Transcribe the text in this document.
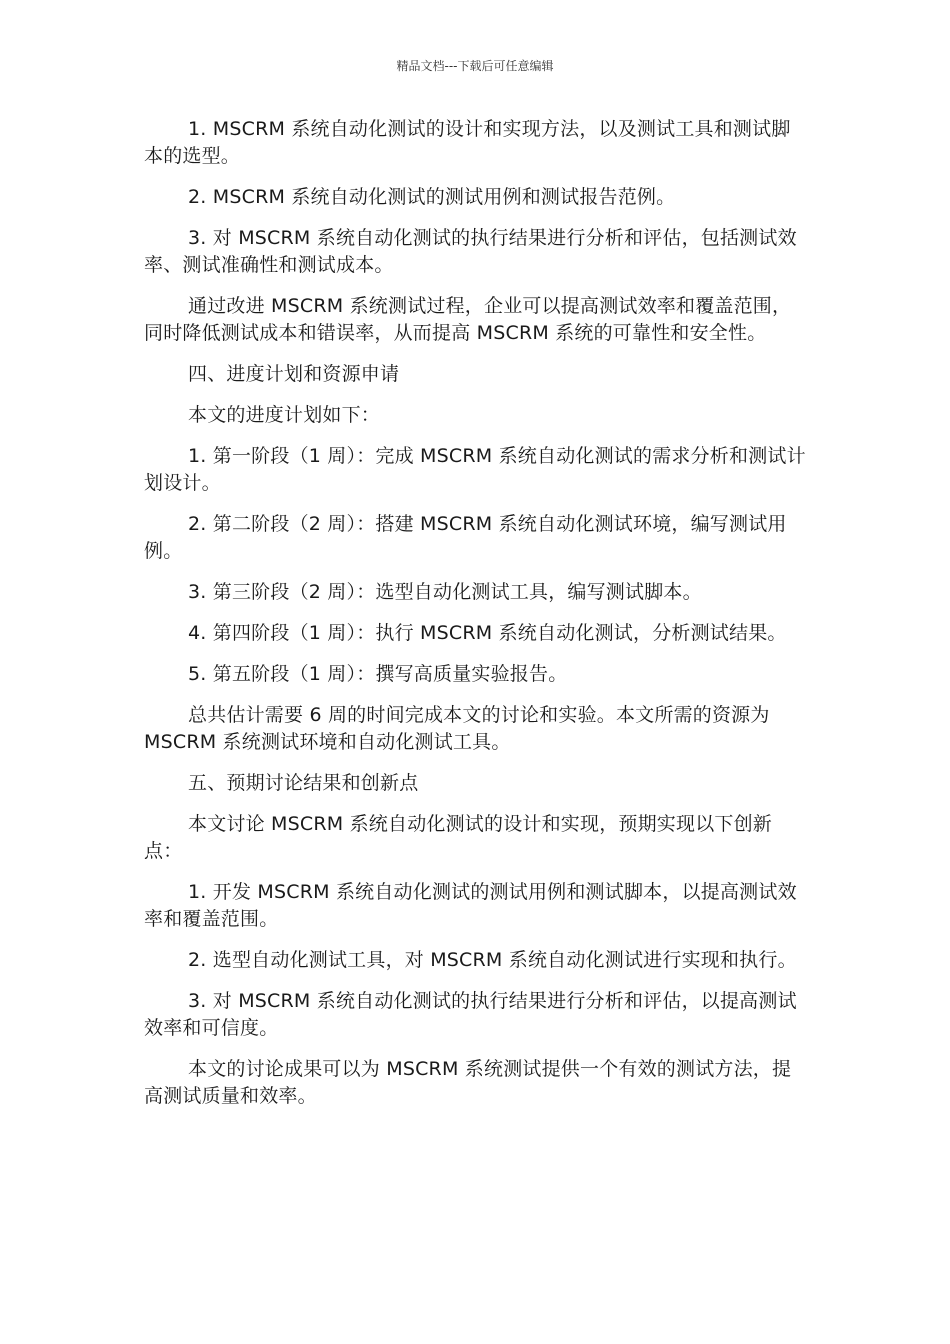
精品文档---下载后可任意编辑

1. MSCRM 系统自动化测试的设计和实现方法，以及测试工具和测试脚本的选型。

2. MSCRM 系统自动化测试的测试用例和测试报告范例。

3. 对 MSCRM 系统自动化测试的执行结果进行分析和评估，包括测试效率、测试准确性和测试成本。

通过改进 MSCRM 系统测试过程，企业可以提高测试效率和覆盖范围，同时降低测试成本和错误率，从而提高 MSCRM 系统的可靠性和安全性。

四、进度计划和资源申请

本文的进度计划如下：

1. 第一阶段（1 周）：完成 MSCRM 系统自动化测试的需求分析和测试计划设计。

2. 第二阶段（2 周）：搭建 MSCRM 系统自动化测试环境，编写测试用例。

3. 第三阶段（2 周）：选型自动化测试工具，编写测试脚本。

4. 第四阶段（1 周）：执行 MSCRM 系统自动化测试，分析测试结果。

5. 第五阶段（1 周）：撰写高质量实验报告。

总共估计需要 6 周的时间完成本文的讨论和实验。本文所需的资源为 MSCRM 系统测试环境和自动化测试工具。

五、预期讨论结果和创新点

本文讨论 MSCRM 系统自动化测试的设计和实现，预期实现以下创新点：

1. 开发 MSCRM 系统自动化测试的测试用例和测试脚本，以提高测试效率和覆盖范围。

2. 选型自动化测试工具，对 MSCRM 系统自动化测试进行实现和执行。

3. 对 MSCRM 系统自动化测试的执行结果进行分析和评估，以提高测试效率和可信度。

本文的讨论成果可以为 MSCRM 系统测试提供一个有效的测试方法，提高测试质量和效率。
